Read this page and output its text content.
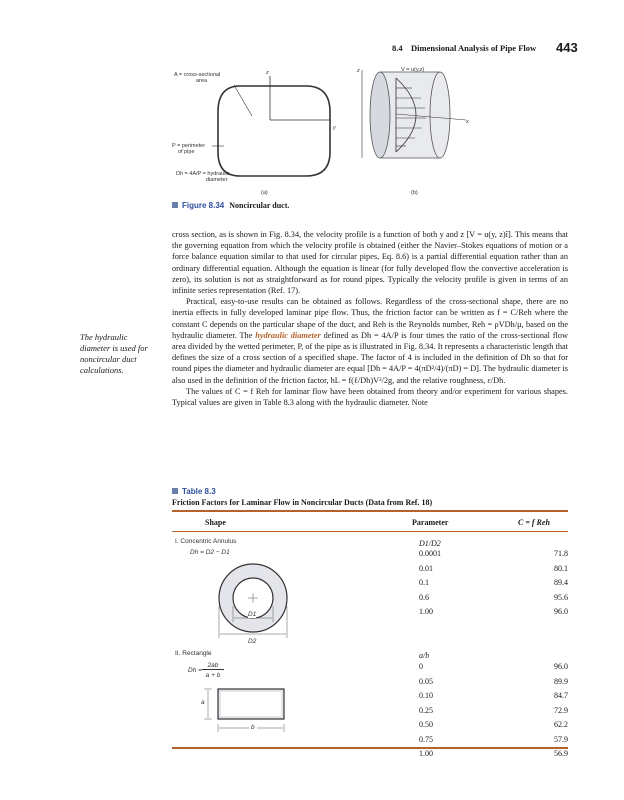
8.4 Dimensional Analysis of Pipe Flow 443
A = cross-sectional
area
P = perimeter
of pipe
Dh = 4A/P = hydraulic
diameter
z
y
z
x
V = u(y,z)
(a)	(b)
Figure 8.34 Noncircular duct.

cross section, as is shown in Fig. 8.34, the velocity profile is a function of both y and z [V = u(y, z)î]. This means that the governing equation from which the velocity profile is obtained (either the Navier–Stokes equations of motion or a force balance equation similar to that used for circular pipes, Eq. 8.6) is a partial differential equation rather than an ordinary differential equation. Although the equation is linear (for fully developed flow the convective acceleration is zero), its solution is not as straightforward as for round pipes. Typically the velocity profile is given in terms of an infinite series representation (Ref. 17).

Practical, easy-to-use results can be obtained as follows. Regardless of the cross-sectional shape, there are no inertia effects in fully developed laminar pipe flow. Thus, the friction factor can be written as f = C/Reh where the constant C depends on the particular shape of the duct, and Reh is the Reynolds number, Reh = ρVDh/μ, based on the hydraulic diameter. The hydraulic diameter defined as Dh = 4A/P is four times the ratio of the cross-sectional flow area divided by the wetted perimeter, P, of the pipe as is illustrated in Fig. 8.34. It represents a characteristic length that defines the size of a cross section of a specified shape. The factor of 4 is included in the definition of Dh so that for round pipes the diameter and hydraulic diameter are equal [Dh = 4A/P = 4(πD²/4)/(πD) = D]. The hydraulic diameter is also used in the definition of the friction factor, hL = f(ℓ/Dh)V²/2g, and the relative roughness, ε/Dh.

The values of C = f Reh for laminar flow have been obtained from theory and/or experiment for various shapes. Typical values are given in Table 8.3 along with the hydraulic diameter. Note

The hydraulic diameter is used for noncircular duct calculations.
Table 8.3
Friction Factors for Laminar Flow in Noncircular Ducts (Data from Ref. 18)
Shape	Parameter	C = f Reh
I. Concentric Annulus
Dh = D2 − D1
D1/D2
0.0001	71.8
0.01	80.1
0.1	89.4
0.6	95.6
1.00	96.0
D1
D2
II. Rectangle
Dh =
2ab
a + b
a
b
a/b
0	96.0
0.05	89.9
0.10	84.7
0.25	72.9
0.50	62.2
0.75	57.9
1.00	56.9
